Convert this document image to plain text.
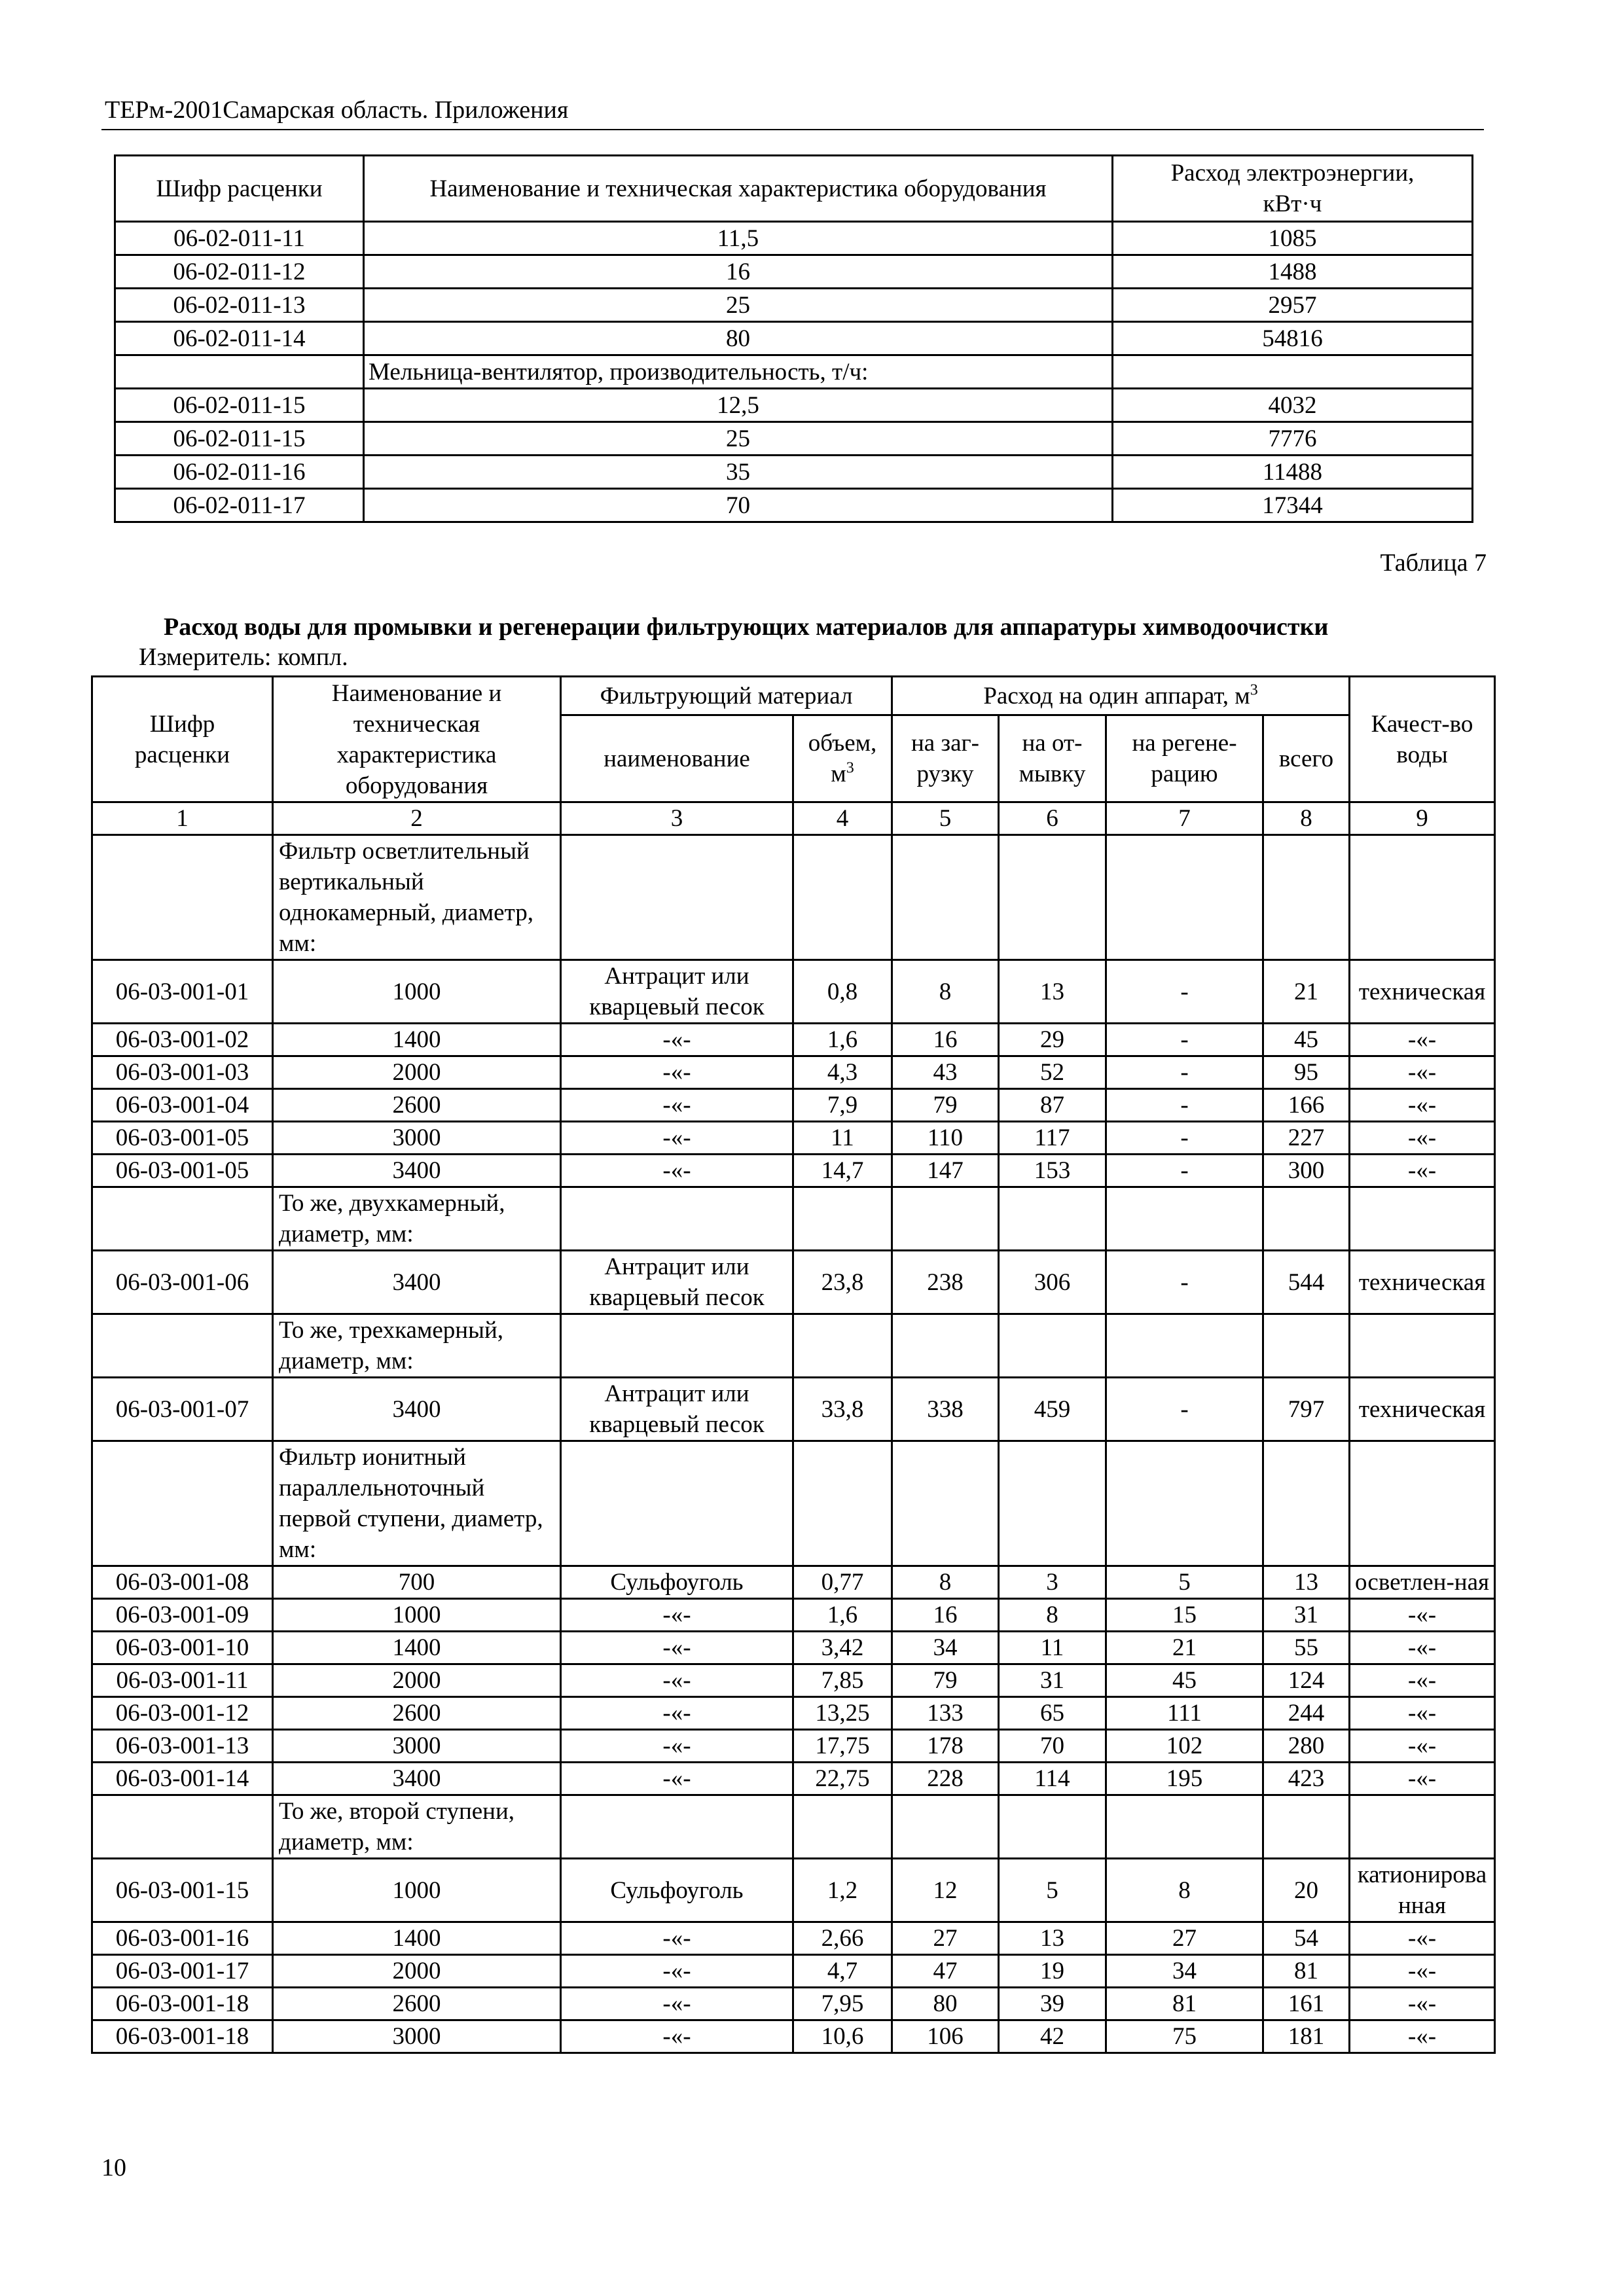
ТЕРм-2001Самарская область. Приложения
Шифр расценки	Наименование и техническая характеристика оборудования	Расход электроэнергии, кВт·ч
06-02-011-11	11,5	1085
06-02-011-12	16	1488
06-02-011-13	25	2957
06-02-011-14	80	54816
	Мельница-вентилятор, производительность, т/ч:	
06-02-011-15	12,5	4032
06-02-011-15	25	7776
06-02-011-16	35	11488
06-02-011-17	70	17344
Таблица 7
Расход воды для промывки и регенерации фильтрующих материалов для аппаратуры химводоочистки
Измеритель: компл.
Шифр расценки	Наименование и техническая характеристика оборудования	Фильтрующий материал		Расход на один аппарат, $м^3$				Качест-во воды
		наименование	объем, $м^3$	на заг-рузку	на от-мывку	на регене-рацию	всего	
1	2	3	4	5	6	7	8	9
	Фильтр осветлительный вертикальный однокамерный, диаметр, мм:							
06-03-001-01	1000	Антрацит или кварцевый песок	0,8	8	13	-	21	техническая
06-03-001-02	1400	-«-	1,6	16	29	-	45	-«-
06-03-001-03	2000	-«-	4,3	43	52	-	95	-«-
06-03-001-04	2600	-«-	7,9	79	87	-	166	-«-
06-03-001-05	3000	-«-	11	110	117	-	227	-«-
06-03-001-05	3400	-«-	14,7	147	153	-	300	-«-
	То же, двухкамерный, диаметр, мм:							
06-03-001-06	3400	Антрацит или кварцевый песок	23,8	238	306	-	544	техническая
	То же, трехкамерный, диаметр, мм:							
06-03-001-07	3400	Антрацит или кварцевый песок	33,8	338	459	-	797	техническая
	Фильтр ионитный параллельноточный первой ступени, диаметр, мм:							
06-03-001-08	700	Сульфоуголь	0,77	8	3	5	13	осветлен-ная
06-03-001-09	1000	-«-	1,6	16	8	15	31	-«-
06-03-001-10	1400	-«-	3,42	34	11	21	55	-«-
06-03-001-11	2000	-«-	7,85	79	31	45	124	-«-
06-03-001-12	2600	-«-	13,25	133	65	111	244	-«-
06-03-001-13	3000	-«-	17,75	178	70	102	280	-«-
06-03-001-14	3400	-«-	22,75	228	114	195	423	-«-
	То же, второй ступени, диаметр, мм:							
06-03-001-15	1000	Сульфоуголь	1,2	12	5	8	20	катионированная
06-03-001-16	1400	-«-	2,66	27	13	27	54	-«-
06-03-001-17	2000	-«-	4,7	47	19	34	81	-«-
06-03-001-18	2600	-«-	7,95	80	39	81	161	-«-
06-03-001-18	3000	-«-	10,6	106	42	75	181	-«-
10
